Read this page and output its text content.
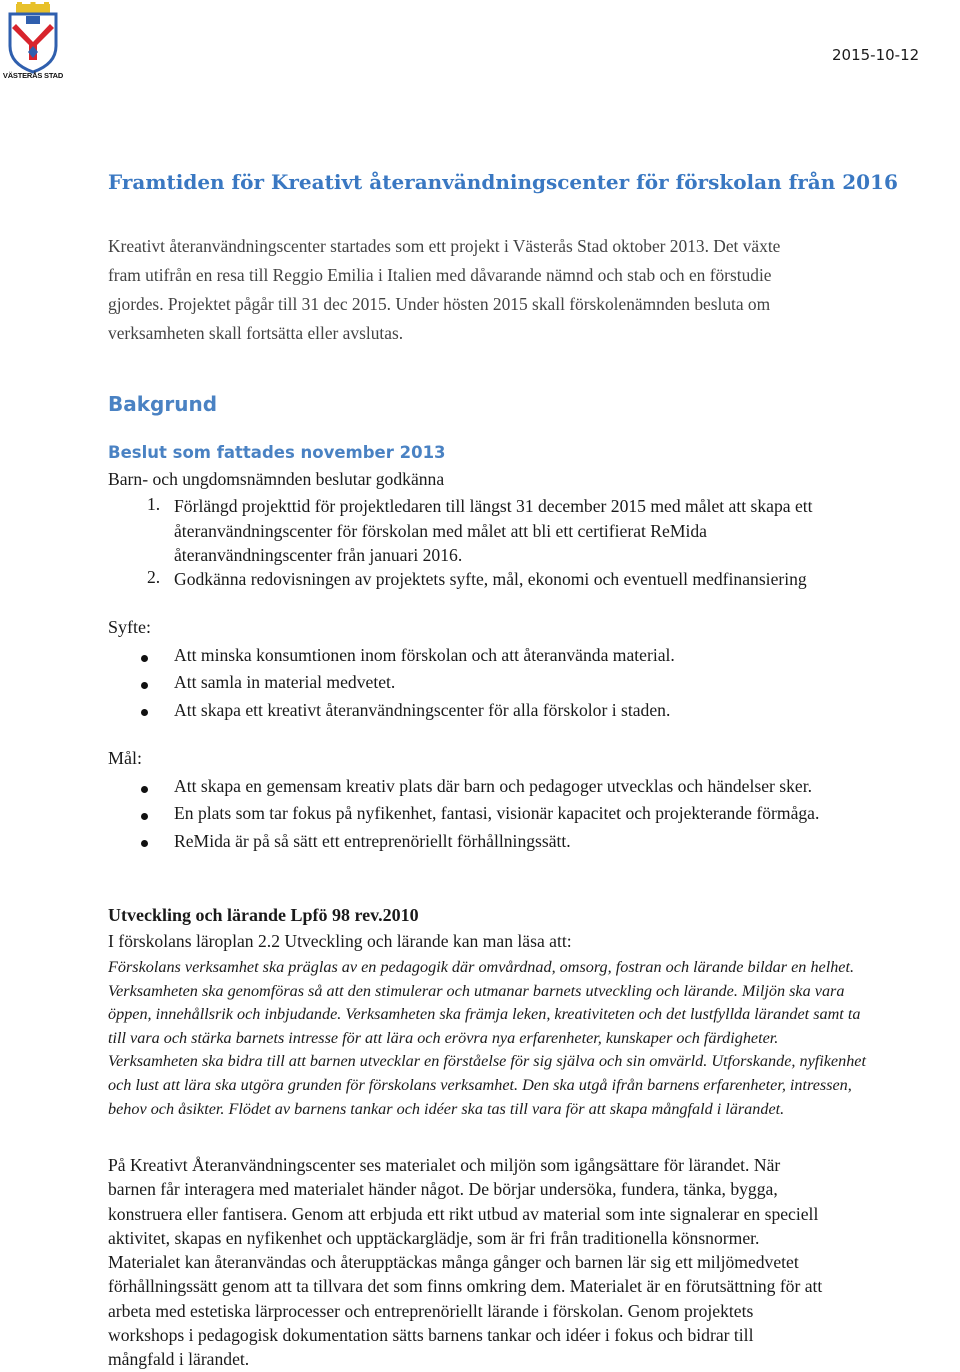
VÄSTERÅS STAD
2015-10-12
Framtiden för Kreativt återanvändningscenter för förskolan från 2016
Kreativt återanvändningscenter startades som ett projekt i Västerås Stad oktober 2013. Det växte
fram utifrån en resa till Reggio Emilia i Italien med dåvarande nämnd och stab och en förstudie
gjordes. Projektet pågår till 31 dec 2015. Under hösten 2015 skall förskolenämnden besluta om
verksamheten skall fortsätta eller avslutas.
Bakgrund
Beslut som fattades november 2013
Barn- och ungdomsnämnden beslutar godkänna
1. Förlängd projekttid för projektledaren till längst 31 december 2015 med målet att skapa ett
återanvändningscenter för förskolan med målet att bli ett certifierat ReMida
återanvändningscenter från januari 2016.
2. Godkänna redovisningen av projektets syfte, mål, ekonomi och eventuell medfinansiering
Syfte:
Att minska konsumtionen inom förskolan och att återanvända material.
Att samla in material medvetet.
Att skapa ett kreativt återanvändningscenter för alla förskolor i staden.
Mål:
Att skapa en gemensam kreativ plats där barn och pedagoger utvecklas och händelser sker.
En plats som tar fokus på nyfikenhet, fantasi, visionär kapacitet och projekterande förmåga.
ReMida är på så sätt ett entreprenöriellt förhållningssätt.
Utveckling och lärande Lpfö 98 rev.2010
I förskolans läroplan 2.2 Utveckling och lärande kan man läsa att:
Förskolans verksamhet ska präglas av en pedagogik där omvårdnad, omsorg, fostran och lärande bildar en helhet.
Verksamheten ska genomföras så att den stimulerar och utmanar barnets utveckling och lärande. Miljön ska vara
öppen, innehållsrik och inbjudande. Verksamheten ska främja leken, kreativiteten och det lustfyllda lärandet samt ta
till vara och stärka barnets intresse för att lära och erövra nya erfarenheter, kunskaper och färdigheter.
Verksamheten ska bidra till att barnen utvecklar en förståelse för sig själva och sin omvärld. Utforskande, nyfikenhet
och lust att lära ska utgöra grunden för förskolans verksamhet. Den ska utgå ifrån barnens erfarenheter, intressen,
behov och åsikter. Flödet av barnens tankar och idéer ska tas till vara för att skapa mångfald i lärandet.
På Kreativt Återanvändningscenter ses materialet och miljön som igångsättare för lärandet. När
barnen får interagera med materialet händer något. De börjar undersöka, fundera, tänka, bygga,
konstruera eller fantisera. Genom att erbjuda ett rikt utbud av material som inte signalerar en speciell
aktivitet, skapas en nyfikenhet och upptäckarglädje, som är fri från traditionella könsnormer.
Materialet kan återanvändas och återupptäckas många gånger och barnen lär sig ett miljömedvetet
förhållningssätt genom att ta tillvara det som finns omkring dem. Materialet är en förutsättning för att
arbeta med estetiska lärprocesser och entreprenöriellt lärande i förskolan. Genom projektets
workshops i pedagogisk dokumentation sätts barnens tankar och idéer i fokus och bidrar till
mångfald i lärandet.
